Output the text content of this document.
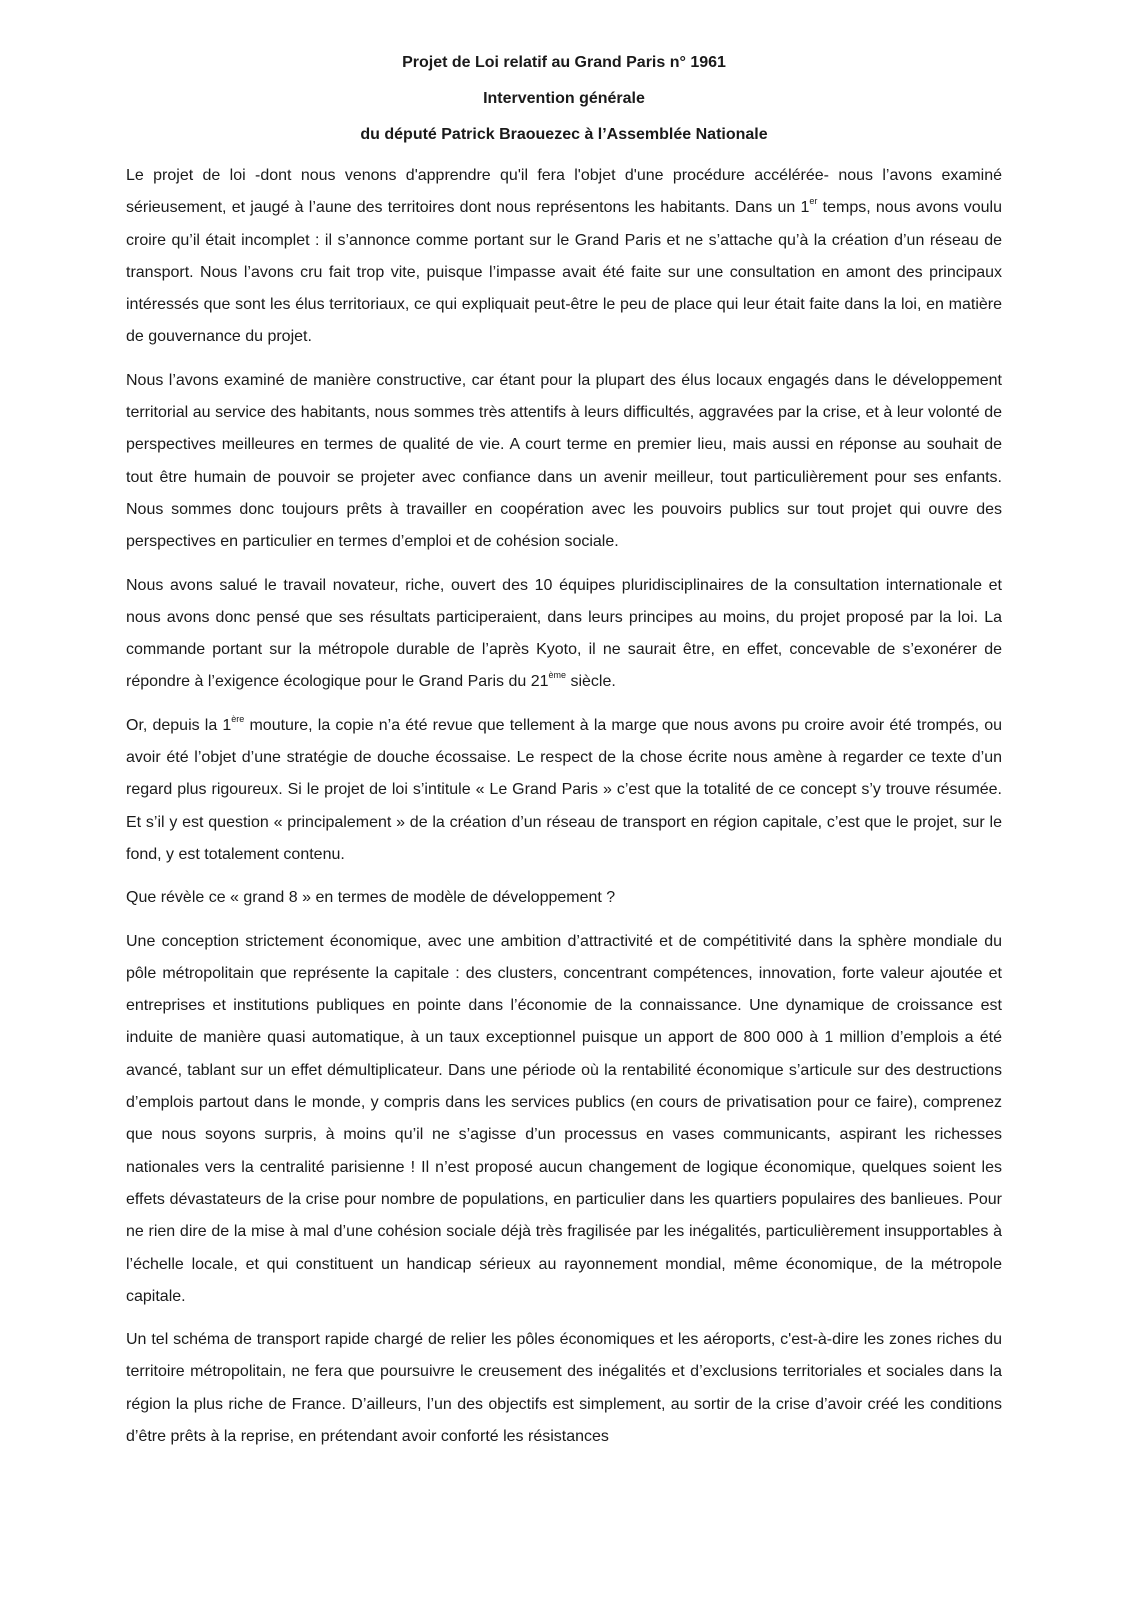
Projet de Loi relatif au Grand Paris n° 1961
Intervention générale
du député Patrick Braouezec à l’Assemblée Nationale

Le projet de loi -dont nous venons d'apprendre qu'il fera l'objet d'une procédure accélérée- nous l’avons examiné sérieusement, et jaugé à l’aune des territoires dont nous représentons les habitants. Dans un 1er temps, nous avons voulu croire qu’il était incomplet : il s’annonce comme portant sur le Grand Paris et ne s’attache qu’à la création d’un réseau de transport. Nous l’avons cru fait trop vite, puisque l’impasse avait été faite sur une consultation en amont des principaux intéressés que sont les élus territoriaux, ce qui expliquait peut-être le peu de place qui leur était faite dans la loi, en matière de gouvernance du projet.

Nous l’avons examiné de manière constructive, car étant pour la plupart des élus locaux engagés dans le développement territorial au service des habitants, nous sommes très attentifs à leurs difficultés, aggravées par la crise, et à leur volonté de perspectives meilleures en termes de qualité de vie. A court terme en premier lieu, mais aussi en réponse au souhait de tout être humain de pouvoir se projeter avec confiance dans un avenir meilleur, tout particulièrement pour ses enfants. Nous sommes donc toujours prêts à travailler en coopération avec les pouvoirs publics sur tout projet qui ouvre des perspectives en particulier en termes d’emploi et de cohésion sociale.

Nous avons salué le travail novateur, riche, ouvert des 10 équipes pluridisciplinaires de la consultation internationale et nous avons donc pensé que ses résultats participeraient, dans leurs principes au moins, du projet proposé par la loi. La commande portant sur la métropole durable de l’après Kyoto, il ne saurait être, en effet, concevable de s’exonérer de répondre à l’exigence écologique pour le Grand Paris du 21ème siècle.

Or, depuis la 1ère mouture, la copie n’a été revue que tellement à la marge que nous avons pu croire avoir été trompés, ou avoir été l’objet d’une stratégie de douche écossaise. Le respect de la chose écrite nous amène à regarder ce texte d’un regard plus rigoureux. Si le projet de loi s’intitule « Le Grand Paris » c’est que la totalité de ce concept s’y trouve résumée. Et s’il y est question « principalement » de la création d’un réseau de transport en région capitale, c’est que le projet, sur le fond, y est totalement contenu.

Que révèle ce « grand 8 » en termes de modèle de développement ?

Une conception strictement économique, avec une ambition d’attractivité et de compétitivité dans la sphère mondiale du pôle métropolitain que représente la capitale : des clusters, concentrant compétences, innovation, forte valeur ajoutée et entreprises et institutions publiques en pointe dans l’économie de la connaissance. Une dynamique de croissance est induite de manière quasi automatique, à un taux exceptionnel puisque un apport de 800 000 à 1 million d’emplois a été avancé, tablant sur un effet démultiplicateur. Dans une période où la rentabilité économique s’articule sur des destructions d’emplois partout dans le monde, y compris dans les services publics (en cours de privatisation pour ce faire), comprenez que nous soyons surpris, à moins qu’il ne s’agisse d’un processus en vases communicants, aspirant les richesses nationales vers la centralité parisienne ! Il n’est proposé aucun changement de logique économique, quelques soient les effets dévastateurs de la crise pour nombre de populations, en particulier dans les quartiers populaires des banlieues. Pour ne rien dire de la mise à mal d’une cohésion sociale déjà très fragilisée par les inégalités, particulièrement insupportables à l’échelle locale, et qui constituent un handicap sérieux au rayonnement mondial, même économique, de la métropole capitale.

Un tel schéma de transport rapide chargé de relier les pôles économiques et les aéroports, c'est-à-dire les zones riches du territoire métropolitain, ne fera que poursuivre le creusement des inégalités et d’exclusions territoriales et sociales dans la région la plus riche de France. D’ailleurs, l’un des objectifs est simplement, au sortir de la crise d’avoir créé les conditions d’être prêts à la reprise, en prétendant avoir conforté les résistances
